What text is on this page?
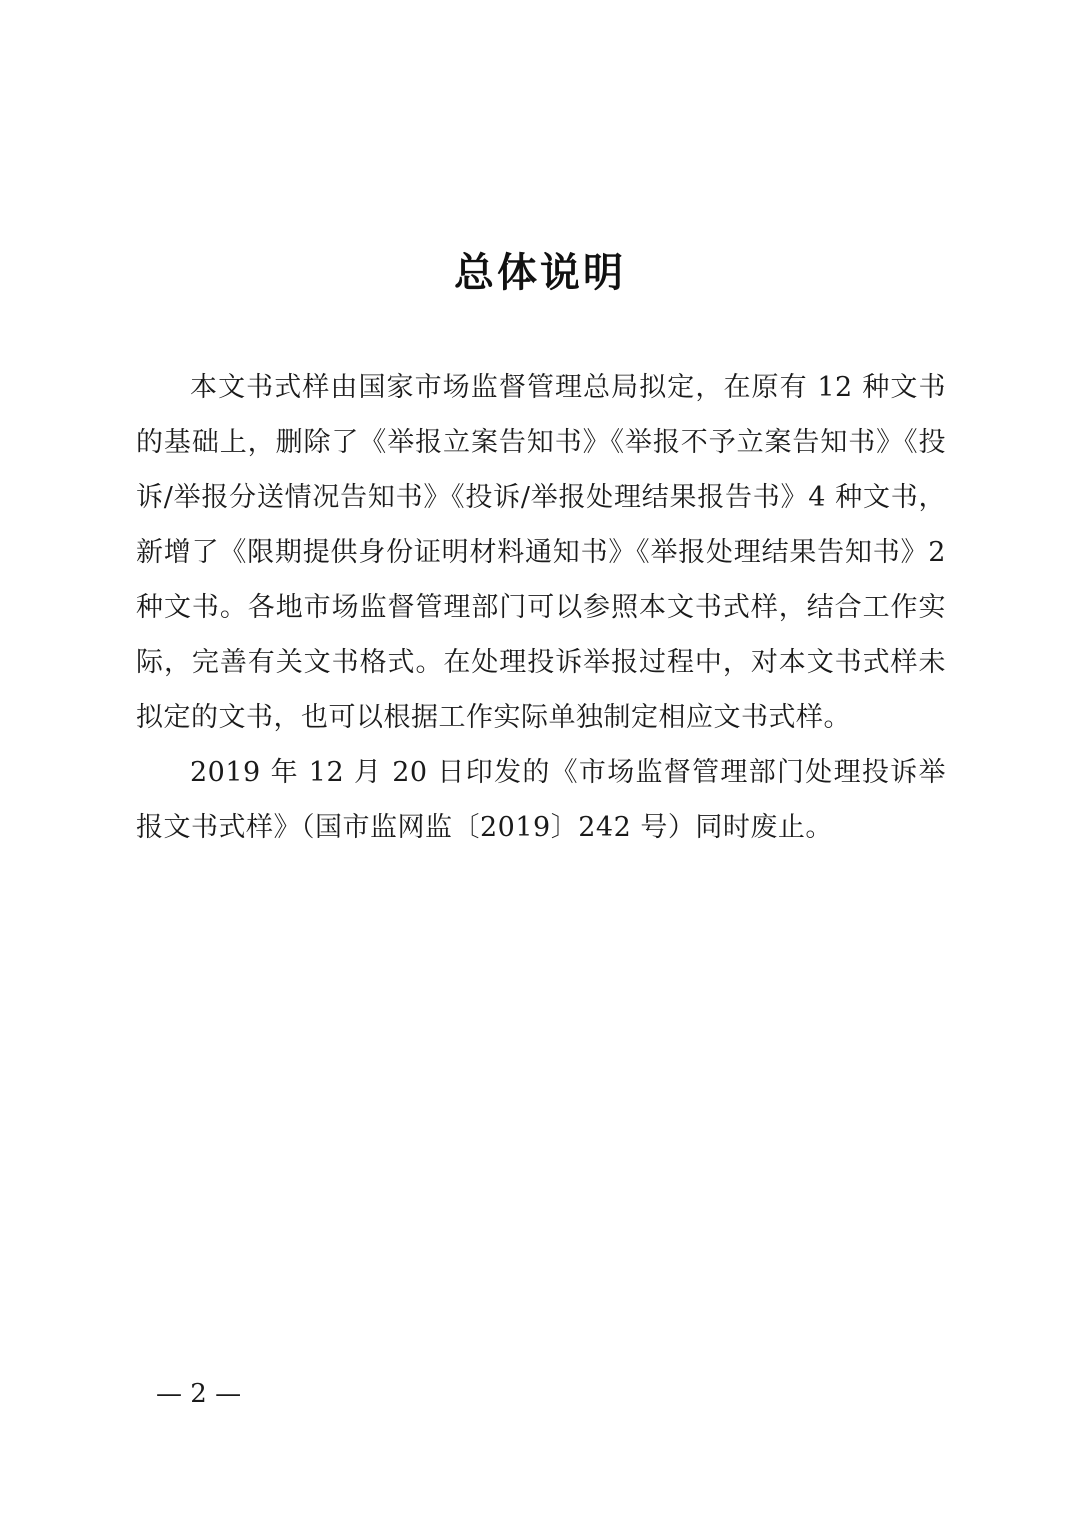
总体说明

本文书式样由国家市场监督管理总局拟定，在原有 12 种文书的基础上，删除了《举报立案告知书》《举报不予立案告知书》《投诉/举报分送情况告知书》《投诉/举报处理结果报告书》4 种文书，新增了《限期提供身份证明材料通知书》《举报处理结果告知书》2 种文书。各地市场监督管理部门可以参照本文书式样，结合工作实际，完善有关文书格式。在处理投诉举报过程中，对本文书式样未拟定的文书，也可以根据工作实际单独制定相应文书式样。

2019 年 12 月 20 日印发的《市场监督管理部门处理投诉举报文书式样》（国市监网监〔2019〕242 号）同时废止。

— 2 —
